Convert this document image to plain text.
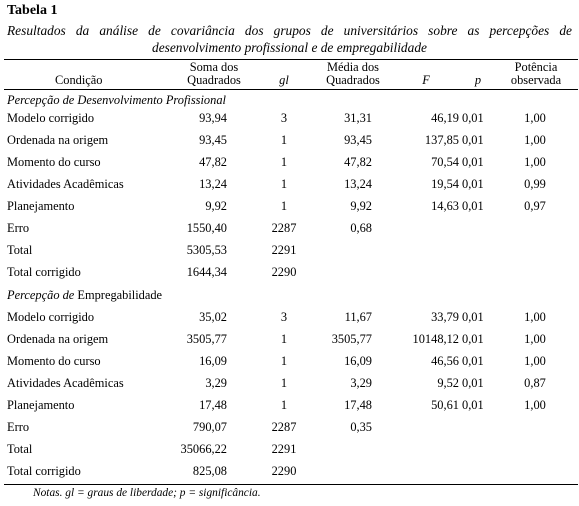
Tabela 1
Resultados da análise de covariância dos grupos de universitários sobre as percepções de desenvolvimento profissional e de empregabilidade
Condição
Soma dos
Quadrados	gl
Média dos
Quadrados	F	p
Potência
observada
Percepção de Desenvolvimento Profissional
Modelo corrigido	93,94	3	31,31	46,19 0,01	1,00
Ordenada na origem	93,45	1	93,45	137,85 0,01	1,00
Momento do curso	47,82	1	47,82	70,54 0,01	1,00
Atividades Acadêmicas	13,24	1	13,24	19,54 0,01	0,99
Planejamento	9,92	1	9,92	14,63 0,01	0,97
Erro	1550,40	2287	0,68
Total	5305,53	2291
Total corrigido	1644,34	2290
Percepção de Empregabilidade
Modelo corrigido	35,02	3	11,67	33,79 0,01	1,00
Ordenada na origem	3505,77	1	3505,77	10148,12 0,01	1,00
Momento do curso	16,09	1	16,09	46,56 0,01	1,00
Atividades Acadêmicas	3,29	1	3,29	9,52 0,01	0,87
Planejamento	17,48	1	17,48	50,61 0,01	1,00
Erro	790,07	2287	0,35
Total	35066,22	2291
Total corrigido	825,08	2290
Notas. gl = graus de liberdade; p = significância.
